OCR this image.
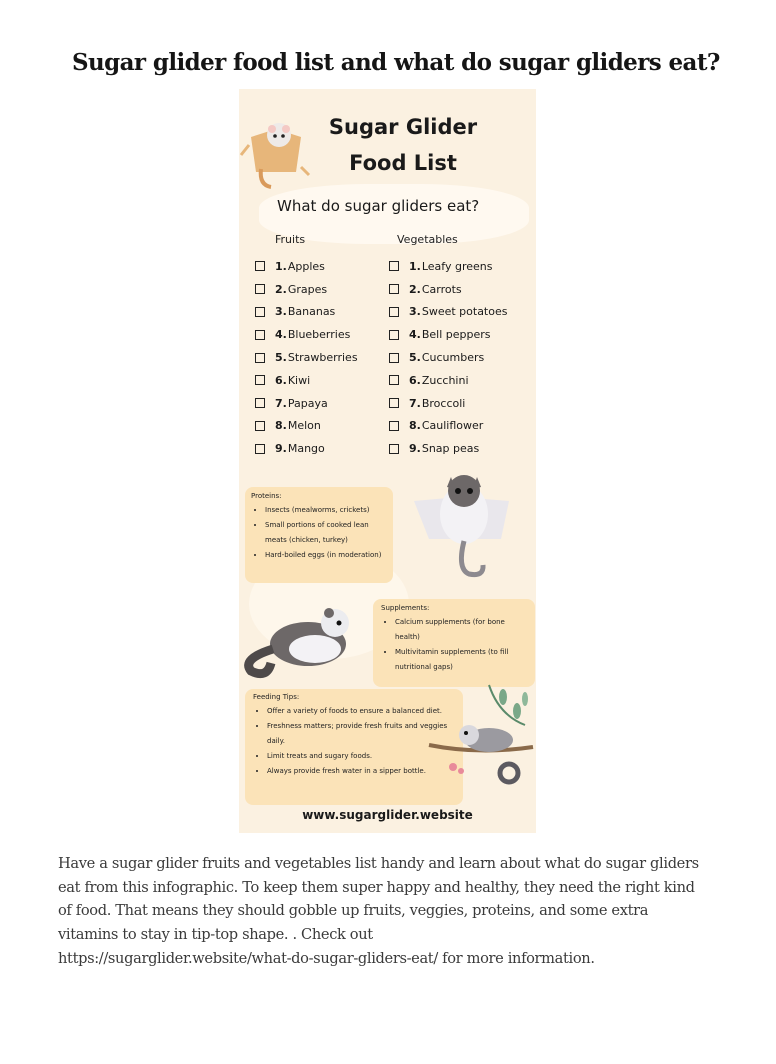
Sugar glider food list and what do sugar gliders eat?
Sugar Glider
Food List
What do sugar gliders eat?
Fruits	Vegetables
1. Apples
2. Grapes
3. Bananas
4. Blueberries
5. Strawberries
6. Kiwi
7. Papaya
8. Melon
9. Mango
1. Leafy greens
2. Carrots
3. Sweet potatoes
4. Bell peppers
5. Cucumbers
6. Zucchini
7. Broccoli
8. Cauliflower
9. Snap peas
Proteins:
• Insects (mealworms, crickets)
• Small portions of cooked lean meats (chicken, turkey)
• Hard-boiled eggs (in moderation)
Supplements:
• Calcium supplements (for bone health)
• Multivitamin supplements (to fill nutritional gaps)
Feeding Tips:
• Offer a variety of foods to ensure a balanced diet.
• Freshness matters; provide fresh fruits and veggies daily.
• Limit treats and sugary foods.
• Always provide fresh water in a sipper bottle.
www.sugarglider.website
Have a sugar glider fruits and vegetables list handy and learn about what do sugar gliders
eat from this infographic. To keep them super happy and healthy, they need the right kind
of food. That means they should gobble up fruits, veggies, proteins, and some extra
vitamins to stay in tip-top shape. . Check out
https://sugarglider.website/what-do-sugar-gliders-eat/ for more information.
